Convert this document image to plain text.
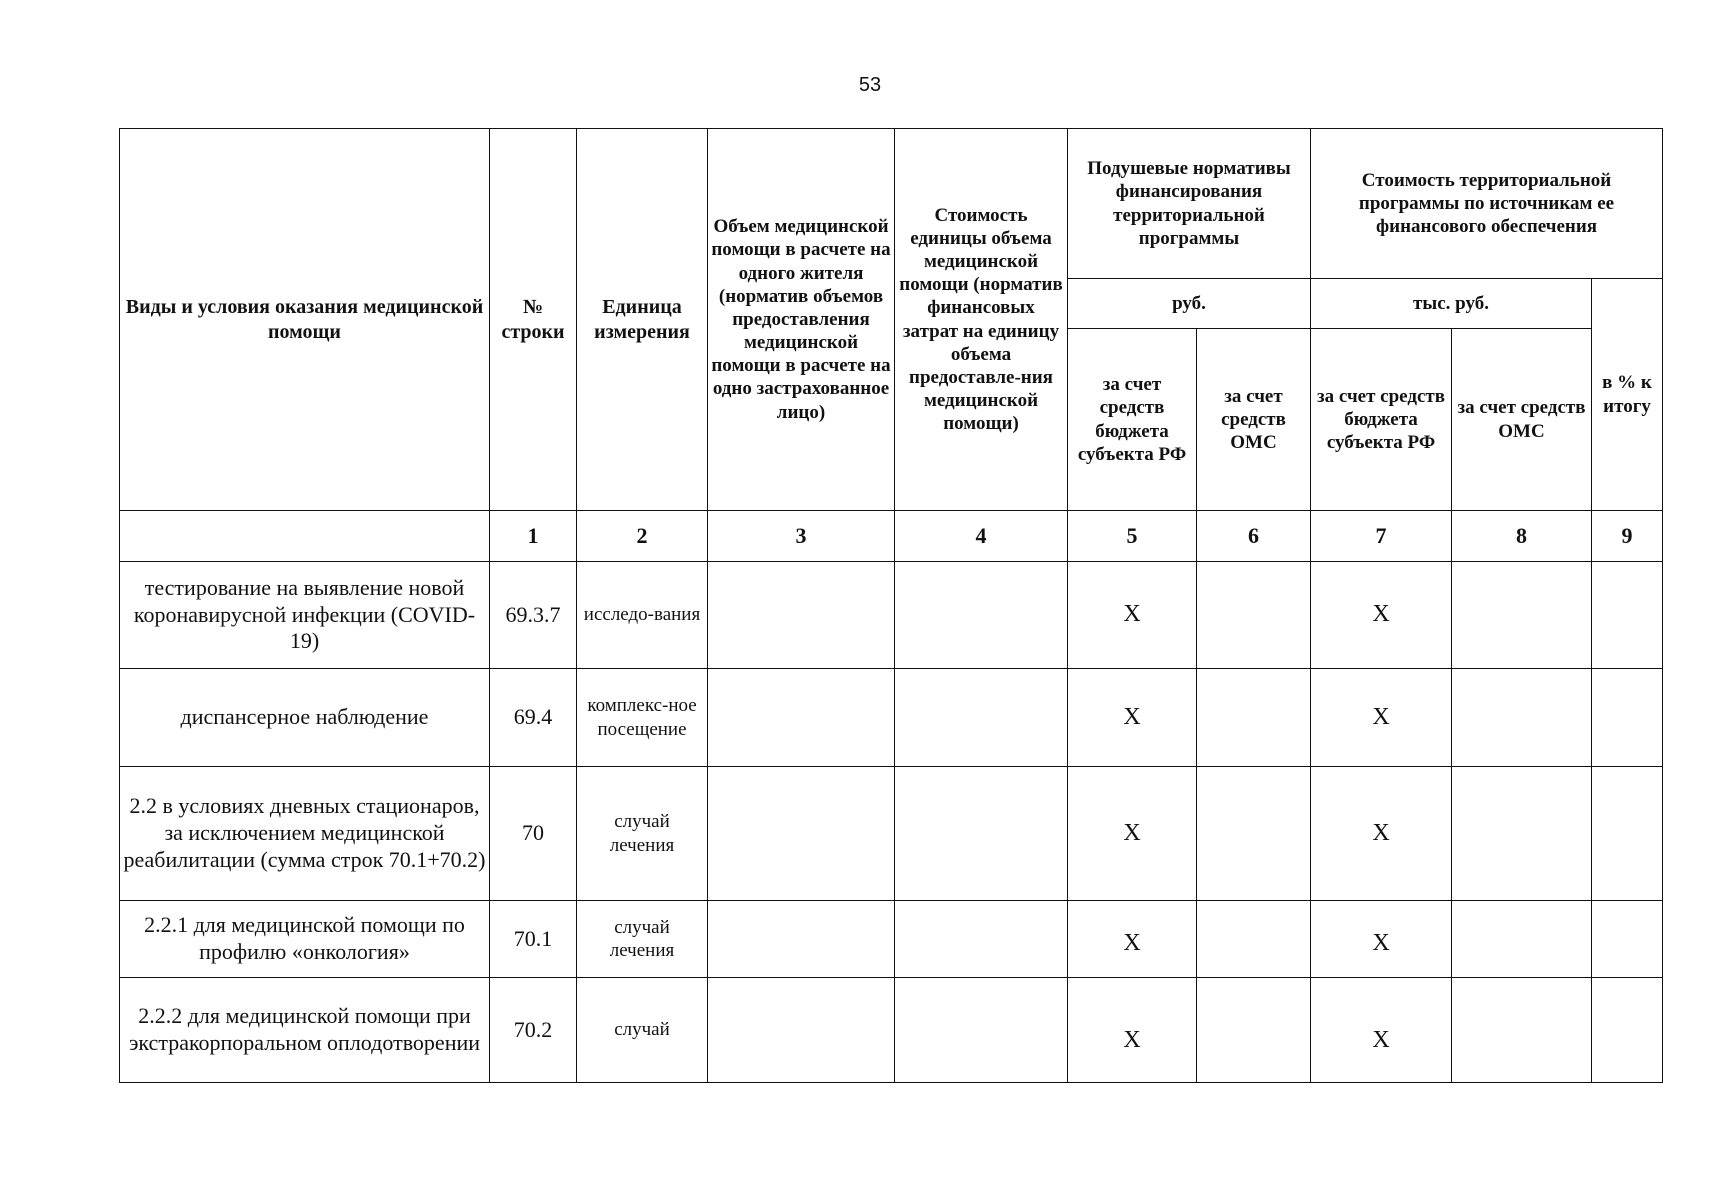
53
Виды и условия оказания медицинской помощи	№ строки	Единица измерения	Объем медицинской помощи в расчете на одного жителя (норматив объемов предоставления медицинской помощи в расчете на одно застрахованное лицо)	Стоимость единицы объема медицинской помощи (норматив финансовых затрат на единицу объема предоставле-ния медицинской помощи)	Подушевые нормативы финансирования территориальной программы		Стоимость территориальной программы по источникам ее финансового обеспечения		
					руб.		тыс. руб.		в % к итогу
					за счет средств бюджета субъекта РФ	за счет средств ОМС	за счет средств бюджета субъекта РФ	за счет средств ОМС	
	1	2	3	4	5	6	7	8	9
тестирование на выявление новой коронавирусной инфекции (COVID-19)	69.3.7	исследо-вания			X		X		
диспансерное наблюдение	69.4	комплекс-ное посещение			X		X		
2.2 в условиях дневных стационаров, за исключением медицинской реабилитации (сумма строк 70.1+70.2)	70	случай лечения			X		X		
2.2.1 для медицинской помощи по профилю «онкология»	70.1	случай лечения			X		X		
2.2.2 для медицинской помощи при экстракорпоральном оплодотворении	70.2	случай			X		X		
